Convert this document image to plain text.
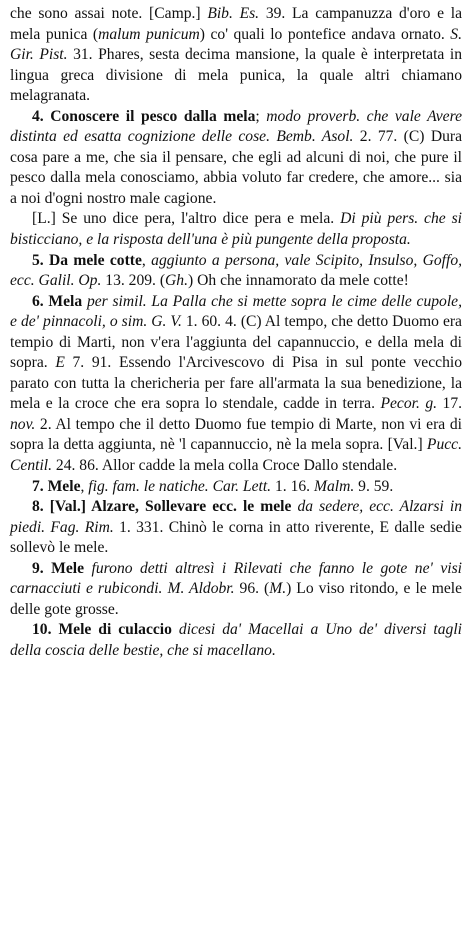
che sono assai note. [Camp.] Bib. Es. 39. La campanuzza d'oro e la mela punica (malum punicum) co' quali lo pontefice andava ornato. S. Gir. Pist. 31. Phares, sesta decima mansione, la quale è interpretata in lingua greca divisione di mela punica, la quale altri chiamano melagranata.

4. Conoscere il pesco dalla mela; modo proverb. che vale Avere distinta ed esatta cognizione delle cose. Bemb. Asol. 2. 77. (C) Dura cosa pare a me, che sia il pensare, che egli ad alcuni di noi, che pure il pesco dalla mela conosciamo, abbia voluto far credere, che amore... sia a noi d'ogni nostro male cagione.

[L.] Se uno dice pera, l'altro dice pera e mela. Di più pers. che si bisticciano, e la risposta dell'una è più pungente della proposta.

5. Da mele cotte, aggiunto a persona, vale Scipito, Insulso, Goffo, ecc. Galil. Op. 13. 209. (Gh.) Oh che innamorato da mele cotte!

6. Mela per simil. La Palla che si mette sopra le cime delle cupole, e de' pinnacoli, o sim. G. V. 1. 60. 4. (C) Al tempo, che detto Duomo era tempio di Marti, non v'era l'aggiunta del capannuccio, e della mela di sopra. E 7. 91. Essendo l'Arcivescovo di Pisa in sul ponte vecchio parato con tutta la chericheria per fare all'armata la sua benedizione, la mela e la croce che era sopra lo stendale, cadde in terra. Pecor. g. 17. nov. 2. Al tempo che il detto Duomo fue tempio di Marte, non vi era di sopra la detta aggiunta, nè 'l capannuccio, nè la mela sopra. [Val.] Pucc. Centil. 24. 86. Allor cadde la mela colla Croce Dallo stendale.

7. Mele, fig. fam. le natiche. Car. Lett. 1. 16. Malm. 9. 59.

8. [Val.] Alzare, Sollevare ecc. le mele da sedere, ecc. Alzarsi in piedi. Fag. Rim. 1. 331. Chinò le corna in atto riverente, E dalle sedie sollevò le mele.

9. Mele furono detti altresì i Rilevati che fanno le gote ne' visi carnacciuti e rubicondi. M. Aldobr. 96. (M.) Lo viso ritondo, e le mele delle gote grosse.

10. Mele di culaccio dicesi da' Macellai a Uno de' diversi tagli della coscia delle bestie, che si macellano.
